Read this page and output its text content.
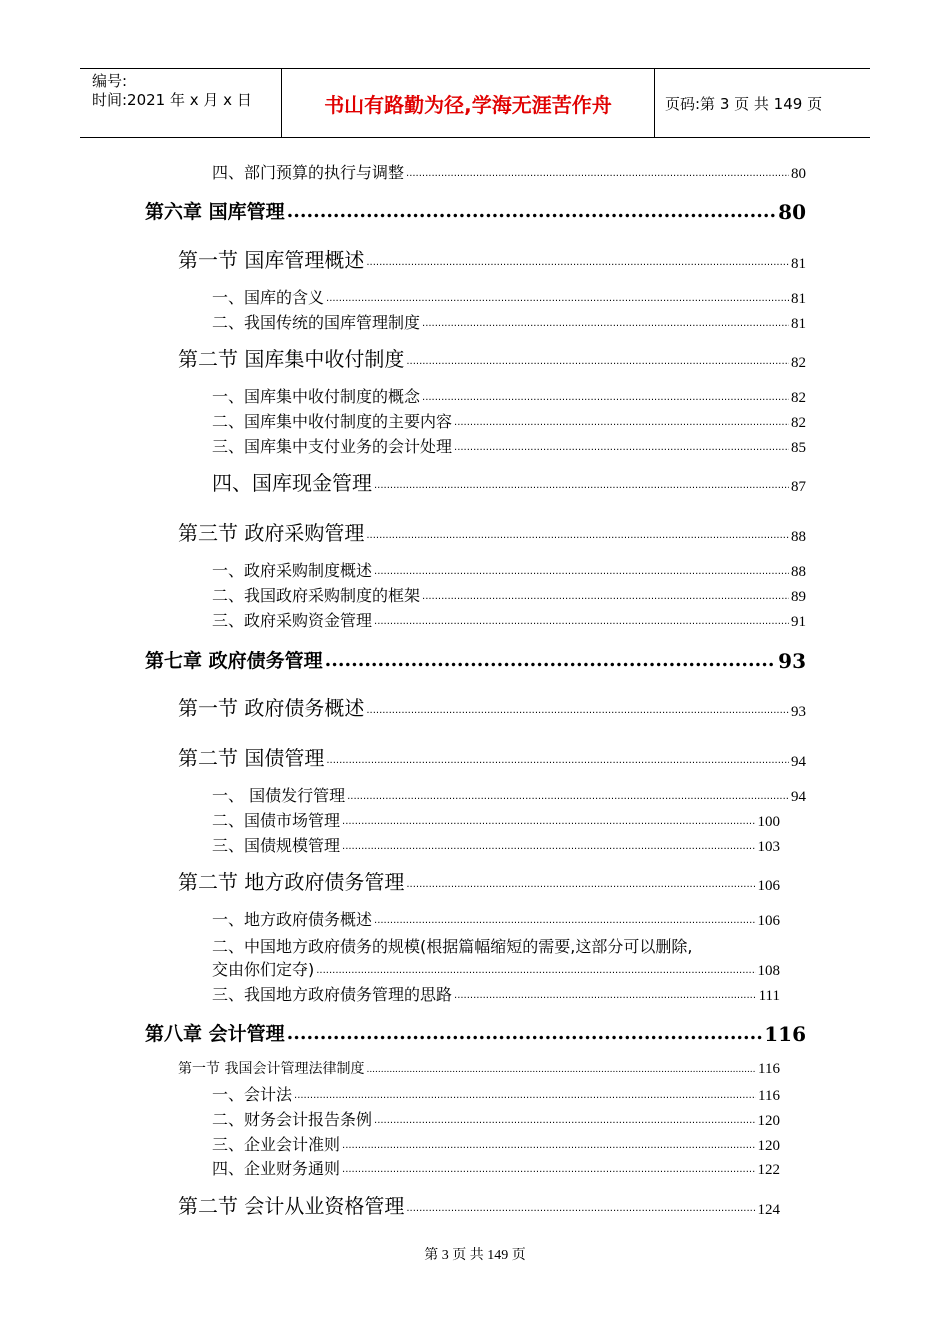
编号:
时间:2021 年 x 月 x 日	书山有路勤为径,学海无涯苦作舟	页码:第 3 页 共 149 页
四、部门预算的执行与调整 .....	80
第六章 国库管理 .....	80
第一节 国库管理概述 .....	81
一、国库的含义 .....	81
二、我国传统的国库管理制度 .....	81
第二节 国库集中收付制度 .....	82
一、国库集中收付制度的概念 .....	82
二、国库集中收付制度的主要内容 .....	82
三、国库集中支付业务的会计处理 .....	85
四、国库现金管理 .....	87
第三节 政府采购管理 .....	88
一、政府采购制度概述 .....	88
二、我国政府采购制度的框架 .....	89
三、政府采购资金管理 .....	91
第七章 政府债务管理 .....	93
第一节 政府债务概述 .....	93
第二节 国债管理 .....	94
一、 国债发行管理 .....	94
二、国债市场管理 .....	100
三、国债规模管理 .....	103
第二节 地方政府债务管理 .....	106
一、地方政府债务概述 .....	106
二、中国地方政府债务的规模(根据篇幅缩短的需要,这部分可以删除,
交由你们定夺) .....	108
三、我国地方政府债务管理的思路 .....	111
第八章 会计管理 .....	116
第一节 我国会计管理法律制度 .....	116
一、会计法 .....	116
二、财务会计报告条例 .....	120
三、企业会计准则 .....	120
四、企业财务通则 .....	122
第二节 会计从业资格管理 .....	124
第 3 页 共 149 页
